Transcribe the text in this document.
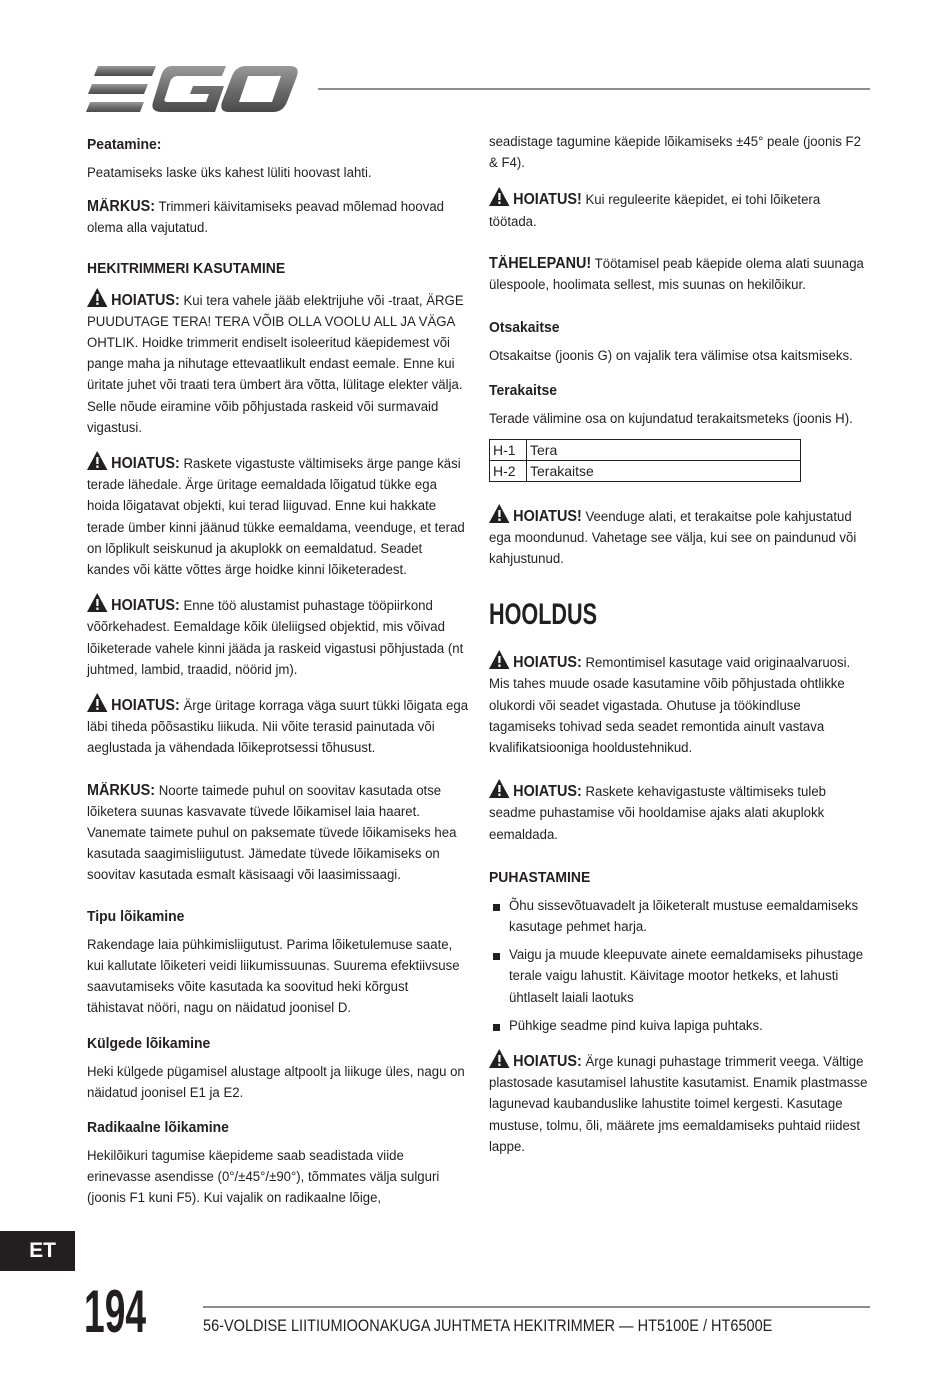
Peatamine:

Peatamiseks laske üks kahest lüliti hoovast lahti.

MÄRKUS: Trimmeri käivitamiseks peavad mõlemad hoovad olema alla vajutatud.

HEKITRIMMERI KASUTAMINE

HOIATUS: Kui tera vahele jääb elektrijuhe või -traat, ÄRGE PUUDUTAGE TERA! TERA VÕIB OLLA VOOLU ALL JA VÄGA OHTLIK. Hoidke trimmerit endiselt isoleeritud käepidemest või pange maha ja nihutage ettevaatlikult endast eemale. Enne kui üritate juhet või traati tera ümbert ära võtta, lülitage elekter välja. Selle nõude eiramine võib põhjustada raskeid või surmavaid vigastusi.

HOIATUS: Raskete vigastuste vältimiseks ärge pange käsi terade lähedale. Ärge üritage eemaldada lõigatud tükke ega hoida lõigatavat objekti, kui terad liiguvad. Enne kui hakkate terade ümber kinni jäänud tükke eemaldama, veenduge, et terad on lõplikult seiskunud ja akuplokk on eemaldatud. Seadet kandes või kätte võttes ärge hoidke kinni lõiketeradest.

HOIATUS: Enne töö alustamist puhastage tööpiirkond võõrkehadest. Eemaldage kõik üleliigsed objektid, mis võivad lõiketerade vahele kinni jääda ja raskeid vigastusi põhjustada (nt juhtmed, lambid, traadid, nöörid jm).

HOIATUS: Ärge üritage korraga väga suurt tükki lõigata ega läbi tiheda põõsastiku liikuda. Nii võite terasid painutada või aeglustada ja vähendada lõikeprotsessi tõhusust.

MÄRKUS: Noorte taimede puhul on soovitav kasutada otse lõiketera suunas kasvavate tüvede lõikamisel laia haaret. Vanemate taimete puhul on paksemate tüvede lõikamiseks hea kasutada saagimisliigutust. Jämedate tüvede lõikamiseks on soovitav kasutada esmalt käsisaagi või laasimissaagi.

Tipu lõikamine

Rakendage laia pühkimisliigutust. Parima lõiketulemuse saate, kui kallutate lõiketeri veidi liikumissuunas. Suurema efektiivsuse saavutamiseks võite kasutada ka soovitud heki kõrgust tähistavat nööri, nagu on näidatud joonisel D.

Külgede lõikamine

Heki külgede pügamisel alustage altpoolt ja liikuge üles, nagu on näidatud joonisel E1 ja E2.

Radikaalne lõikamine

Hekilõikuri tagumise käepideme saab seadistada viide erinevasse asendisse (0°/±45°/±90°), tõmmates välja sulguri (joonis F1 kuni F5). Kui vajalik on radikaalne lõige,

seadistage tagumine käepide lõikamiseks ±45° peale (joonis F2 & F4).

HOIATUS! Kui reguleerite käepidet, ei tohi lõiketera töötada.

TÄHELEPANU! Töötamisel peab käepide olema alati suunaga ülespoole, hoolimata sellest, mis suunas on hekilõikur.

Otsakaitse

Otsakaitse (joonis G) on vajalik tera välimise otsa kaitsmiseks.

Terakaitse

Terade välimine osa on kujundatud terakaitsmeteks (joonis H).

H-1	Tera
H-2	Terakaitse

HOIATUS! Veenduge alati, et terakaitse pole kahjustatud ega moondunud. Vahetage see välja, kui see on paindunud või kahjustunud.

HOOLDUS

HOIATUS: Remontimisel kasutage vaid originaalvaruosi. Mis tahes muude osade kasutamine võib põhjustada ohtlikke olukordi või seadet vigastada. Ohutuse ja töökindluse tagamiseks tohivad seda seadet remontida ainult vastava kvalifikatsiooniga hooldustehnikud.

HOIATUS: Raskete kehavigastuste vältimiseks tuleb seadme puhastamise või hooldamise ajaks alati akuplokk eemaldada.

PUHASTAMINE

Õhu sissevõtuavadelt ja lõiketeralt mustuse eemaldamiseks kasutage pehmet harja.

Vaigu ja muude kleepuvate ainete eemaldamiseks pihustage terale vaigu lahustit. Käivitage mootor hetkeks, et lahusti ühtlaselt laiali laotuks

Pühkige seadme pind kuiva lapiga puhtaks.

HOIATUS: Ärge kunagi puhastage trimmerit veega. Vältige plastosade kasutamisel lahustite kasutamist. Enamik plastmasse lagunevad kaubanduslike lahustite toimel kergesti. Kasutage mustuse, tolmu, õli, määrete jms eemaldamiseks puhtaid riidest lappe.

ET
194	56-VOLDISE LIITIUMIOONAKUGA JUHTMETA HEKITRIMMER — HT5100E / HT6500E
